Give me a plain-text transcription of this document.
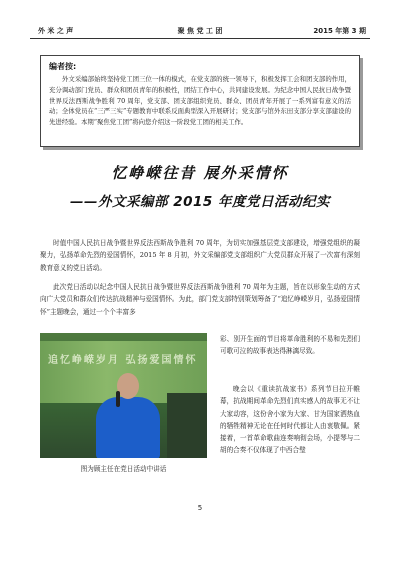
外 米 之 声	聚 焦 党 工 团	2015 年第 3 期
编者按:
外文采编部始终坚持党工团三位一体的模式，在党支部的统一领导下，积极发挥工会和团支部的作用，充分调动部门党员、群众和团员青年的积极性，团结工作中心，共同建设发展。为纪念中国人民抗日战争暨世界反法西斯战争胜利 70 周年，党支部、团支部组织党员、群众、团员青年开展了一系列富有意义的活动；全体党员在“三严三实”专题教育中联系反面典型深入开展研讨；党支部与馆外东田支部分享支部建设的先进经验。本期“聚焦党工团”将向您介绍这一阶段党工团的相关工作。
忆峥嵘往昔 展外采情怀
——外文采编部 2015 年度党日活动纪实
时值中国人民抗日战争暨世界反法西斯战争胜利 70 周年，为切实加强基层党支部建设，增强党组织的凝聚力，弘扬革命先烈的爱国情怀，2015 年 8 月初，外文采编部党支部组织广大党员群众开展了一次富有深刻教育意义的党日活动。
此次党日活动以纪念中国人民抗日战争暨世界反法西斯战争胜利 70 周年为主题，旨在以形象生动的方式向广大党员和群众们传达抗战精神与爱国情怀。为此，部门党支部特别策划筹备了“追忆峥嵘岁月，弘扬爱国情怀”主题晚会，通过一个个丰富多
追忆峥嵘岁月 弘扬爱国情怀
图为顾主任在党日活动中讲话
彩、别开生面的节目将革命胜利的不易和先烈们可歌可泣的故事表达得淋漓尽致。
晚会以《重读抗战家书》系列节目拉开帷幕，抗战期间革命先烈们真实感人的故事无不让大家动容，这份舍小家为大家、甘为国家洒热血的牺牲精神无论在任何时代都让人由衷敬佩。紧接着，一首革命歌曲连奏响彻会场，小提琴与二胡的合奏不仅体现了中西合璧
5
